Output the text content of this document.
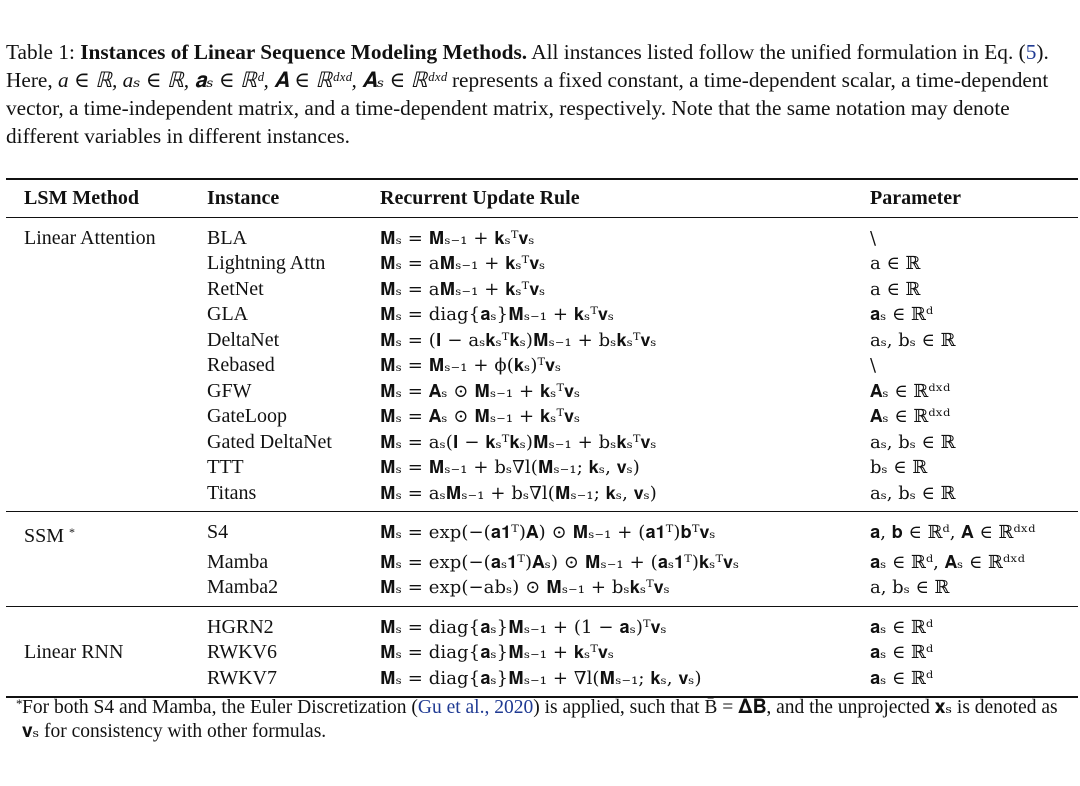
Table 1: Instances of Linear Sequence Modeling Methods. All instances listed follow the unified formulation in Eq. (5). Here, a ∈ ℝ, aₛ ∈ ℝ, 𝐚ₛ ∈ ℝᵈ, 𝐀 ∈ ℝᵈˣᵈ, 𝐀ₛ ∈ ℝᵈˣᵈ represents a fixed constant, a time-dependent scalar, a time-dependent vector, a time-independent matrix, and a time-dependent matrix, respectively. Note that the same notation may denote different variables in different instances.
LSM Method	Instance	Recurrent Update Rule	Parameter
Linear Attention	BLA	𝐌ₛ = 𝐌ₛ₋₁ + 𝐤ₛᵀ𝐯ₛ	\
	Lightning Attn	𝐌ₛ = a𝐌ₛ₋₁ + 𝐤ₛᵀ𝐯ₛ	a ∈ ℝ
	RetNet	𝐌ₛ = a𝐌ₛ₋₁ + 𝐤ₛᵀ𝐯ₛ	a ∈ ℝ
	GLA	𝐌ₛ = diag{𝐚ₛ}𝐌ₛ₋₁ + 𝐤ₛᵀ𝐯ₛ	𝐚ₛ ∈ ℝᵈ
	DeltaNet	𝐌ₛ = (𝐈 − aₛ𝐤ₛᵀ𝐤ₛ)𝐌ₛ₋₁ + bₛ𝐤ₛᵀ𝐯ₛ	aₛ, bₛ ∈ ℝ
	Rebased	𝐌ₛ = 𝐌ₛ₋₁ + ϕ(𝐤ₛ)ᵀ𝐯ₛ	\
	GFW	𝐌ₛ = 𝐀ₛ ⊙ 𝐌ₛ₋₁ + 𝐤ₛᵀ𝐯ₛ	𝐀ₛ ∈ ℝᵈˣᵈ
	GateLoop	𝐌ₛ = 𝐀ₛ ⊙ 𝐌ₛ₋₁ + 𝐤ₛᵀ𝐯ₛ	𝐀ₛ ∈ ℝᵈˣᵈ
	Gated DeltaNet	𝐌ₛ = aₛ(𝐈 − 𝐤ₛᵀ𝐤ₛ)𝐌ₛ₋₁ + bₛ𝐤ₛᵀ𝐯ₛ	aₛ, bₛ ∈ ℝ
	TTT	𝐌ₛ = 𝐌ₛ₋₁ + bₛ∇l(𝐌ₛ₋₁; 𝐤ₛ, 𝐯ₛ)	bₛ ∈ ℝ
	Titans	𝐌ₛ = aₛ𝐌ₛ₋₁ + bₛ∇l(𝐌ₛ₋₁; 𝐤ₛ, 𝐯ₛ)	aₛ, bₛ ∈ ℝ
SSM *	S4	𝐌ₛ = exp(−(𝐚𝟏ᵀ)𝐀) ⊙ 𝐌ₛ₋₁ + (𝐚𝟏ᵀ)𝐛ᵀ𝐯ₛ	𝐚, 𝐛 ∈ ℝᵈ, 𝐀 ∈ ℝᵈˣᵈ
	Mamba	𝐌ₛ = exp(−(𝐚ₛ𝟏ᵀ)𝐀ₛ) ⊙ 𝐌ₛ₋₁ + (𝐚ₛ𝟏ᵀ)𝐤ₛᵀ𝐯ₛ	𝐚ₛ ∈ ℝᵈ, 𝐀ₛ ∈ ℝᵈˣᵈ
	Mamba2	𝐌ₛ = exp(−abₛ) ⊙ 𝐌ₛ₋₁ + bₛ𝐤ₛᵀ𝐯ₛ	a, bₛ ∈ ℝ
	HGRN2	𝐌ₛ = diag{𝐚ₛ}𝐌ₛ₋₁ + (1 − 𝐚ₛ)ᵀ𝐯ₛ	𝐚ₛ ∈ ℝᵈ
Linear RNN	RWKV6	𝐌ₛ = diag{𝐚ₛ}𝐌ₛ₋₁ + 𝐤ₛᵀ𝐯ₛ	𝐚ₛ ∈ ℝᵈ
	RWKV7	𝐌ₛ = diag{𝐚ₛ}𝐌ₛ₋₁ + ∇l(𝐌ₛ₋₁; 𝐤ₛ, 𝐯ₛ)	𝐚ₛ ∈ ℝᵈ
* For both S4 and Mamba, the Euler Discretization (Gu et al., 2020) is applied, such that B̄ = 𝚫𝐁, and the unprojected 𝐱ₛ is denoted as 𝐯ₛ for consistency with other formulas.
